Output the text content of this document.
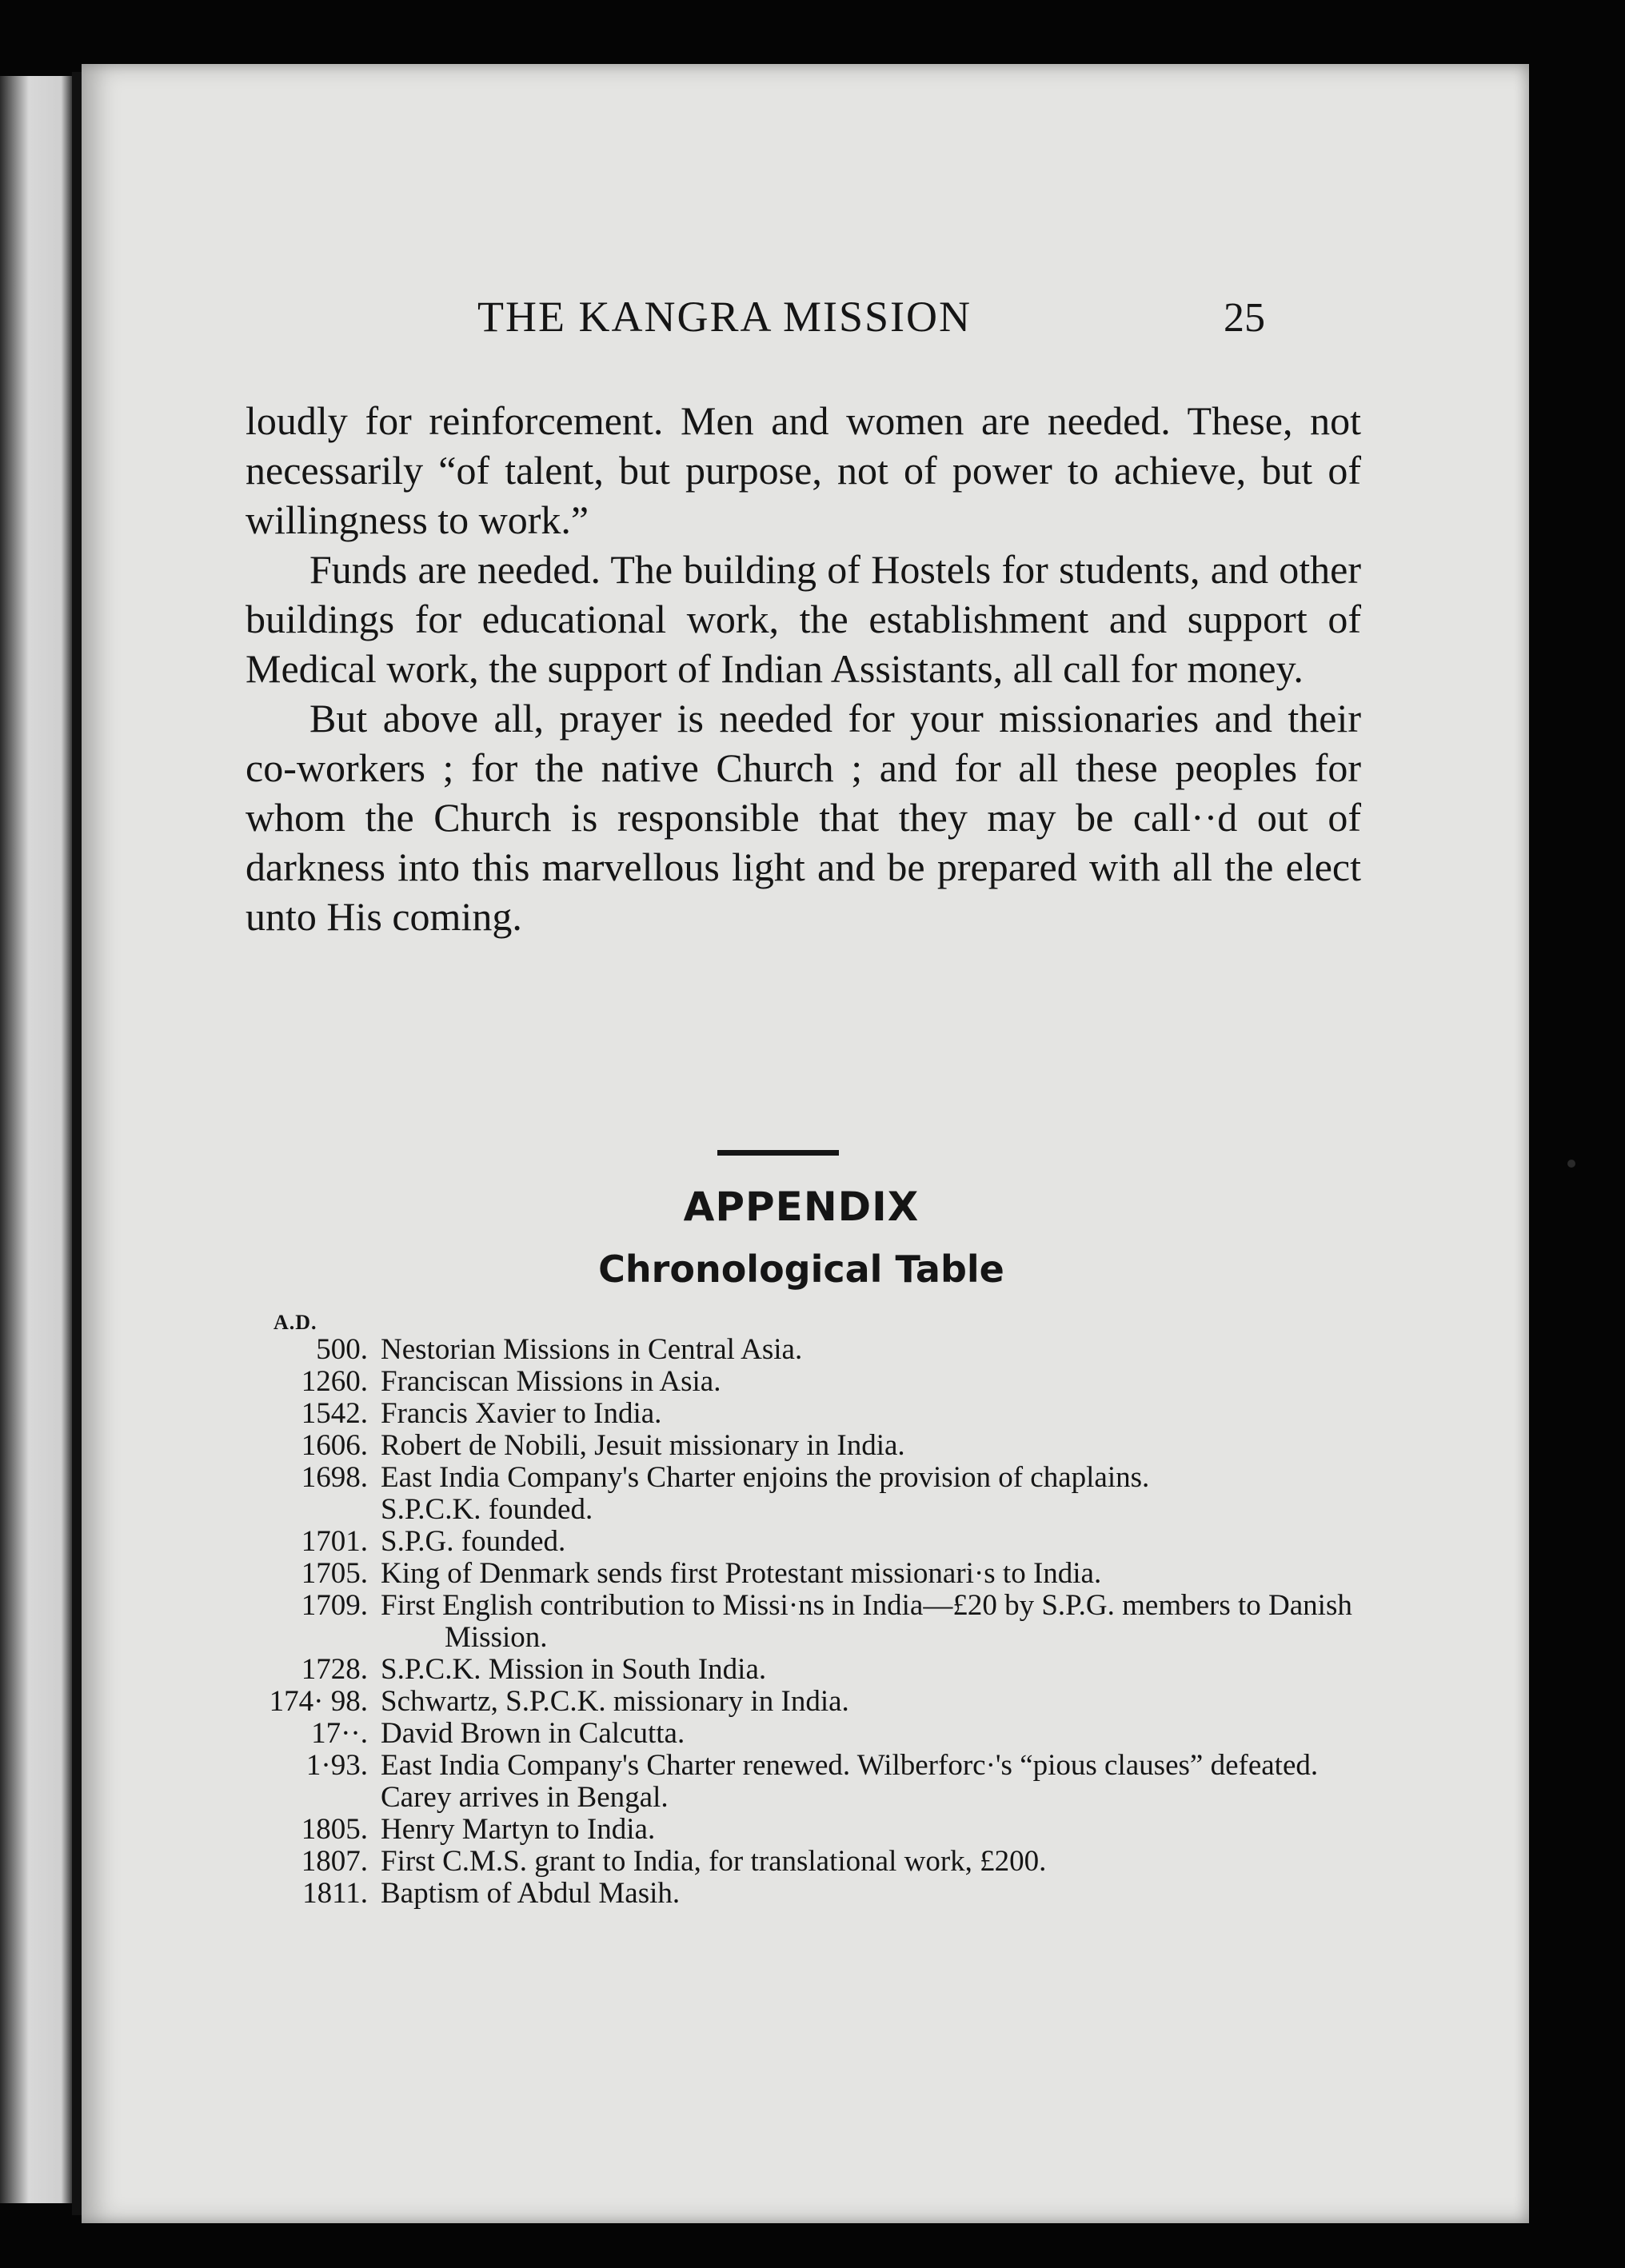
THE KANGRA MISSION	25

loudly for reinforcement. Men and women are needed. These, not necessarily “of talent, but purpose, not of power to achieve, but of willingness to work.”

Funds are needed. The building of Hostels for students, and other buildings for educational work, the establishment and support of Medical work, the support of Indian Assistants, all call for money.

But above all, prayer is needed for your missionaries and their co-workers ; for the native Church ; and for all these peoples for whom the Church is responsible that they may be call··d out of darkness into this marvellous light and be prepared with all the elect unto His coming.

APPENDIX
Chronological Table
A.D.
500. Nestorian Missions in Central Asia.
1260. Franciscan Missions in Asia.
1542. Francis Xavier to India.
1606. Robert de Nobili, Jesuit missionary in India.
1698. East India Company's Charter enjoins the provision of chaplains.
S.P.C.K. founded.
1701. S.P.G. founded.
1705. King of Denmark sends first Protestant missionari·s to India.
1709. First English contribution to Missi·ns in India—£20 by S.P.G. members to Danish Mission.
1728. S.P.C.K. Mission in South India.
174· 98. Schwartz, S.P.C.K. missionary in India.
17··. David Brown in Calcutta.
1·93. East India Company's Charter renewed. Wilberforc·'s “pious clauses” defeated.
Carey arrives in Bengal.
1805. Henry Martyn to India.
1807. First C.M.S. grant to India, for translational work, £200.
1811. Baptism of Abdul Masih.
